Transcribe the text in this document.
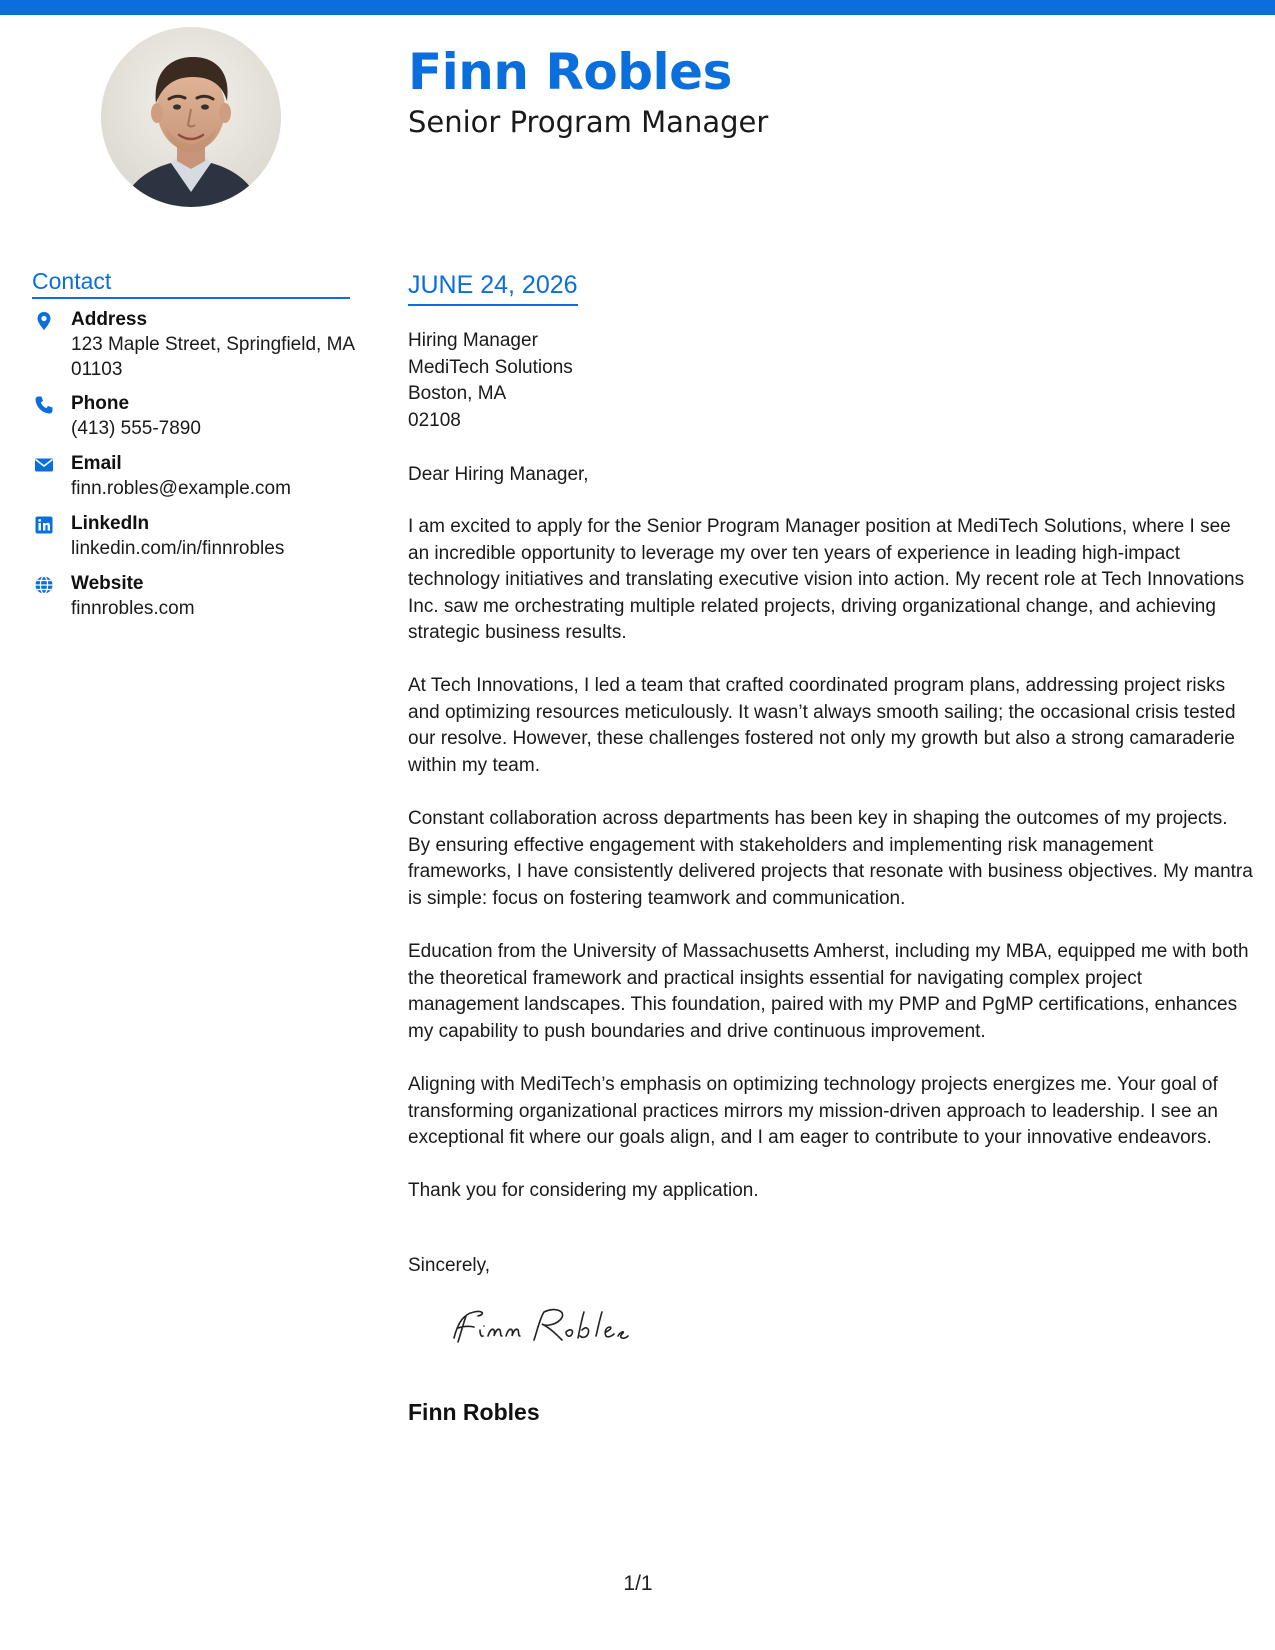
Finn Robles
Senior Program Manager
Contact
Address
123 Maple Street, Springfield, MA 01103
Phone
(413) 555-7890
Email
finn.robles@example.com
LinkedIn
linkedin.com/in/finnrobles
Website
finnrobles.com
JUNE 24, 2026
Hiring Manager
MediTech Solutions
Boston, MA
02108
Dear Hiring Manager,

I am excited to apply for the Senior Program Manager position at MediTech Solutions, where I see an incredible opportunity to leverage my over ten years of experience in leading high-impact technology initiatives and translating executive vision into action. My recent role at Tech Innovations Inc. saw me orchestrating multiple related projects, driving organizational change, and achieving strategic business results.

At Tech Innovations, I led a team that crafted coordinated program plans, addressing project risks and optimizing resources meticulously. It wasn’t always smooth sailing; the occasional crisis tested our resolve. However, these challenges fostered not only my growth but also a strong camaraderie within my team.

Constant collaboration across departments has been key in shaping the outcomes of my projects. By ensuring effective engagement with stakeholders and implementing risk management frameworks, I have consistently delivered projects that resonate with business objectives. My mantra is simple: focus on fostering teamwork and communication.

Education from the University of Massachusetts Amherst, including my MBA, equipped me with both the theoretical framework and practical insights essential for navigating complex project management landscapes. This foundation, paired with my PMP and PgMP certifications, enhances my capability to push boundaries and drive continuous improvement.

Aligning with MediTech’s emphasis on optimizing technology projects energizes me. Your goal of transforming organizational practices mirrors my mission-driven approach to leadership. I see an exceptional fit where our goals align, and I am eager to contribute to your innovative endeavors.

Thank you for considering my application.

Sincerely,
Finn Robles
1/1
